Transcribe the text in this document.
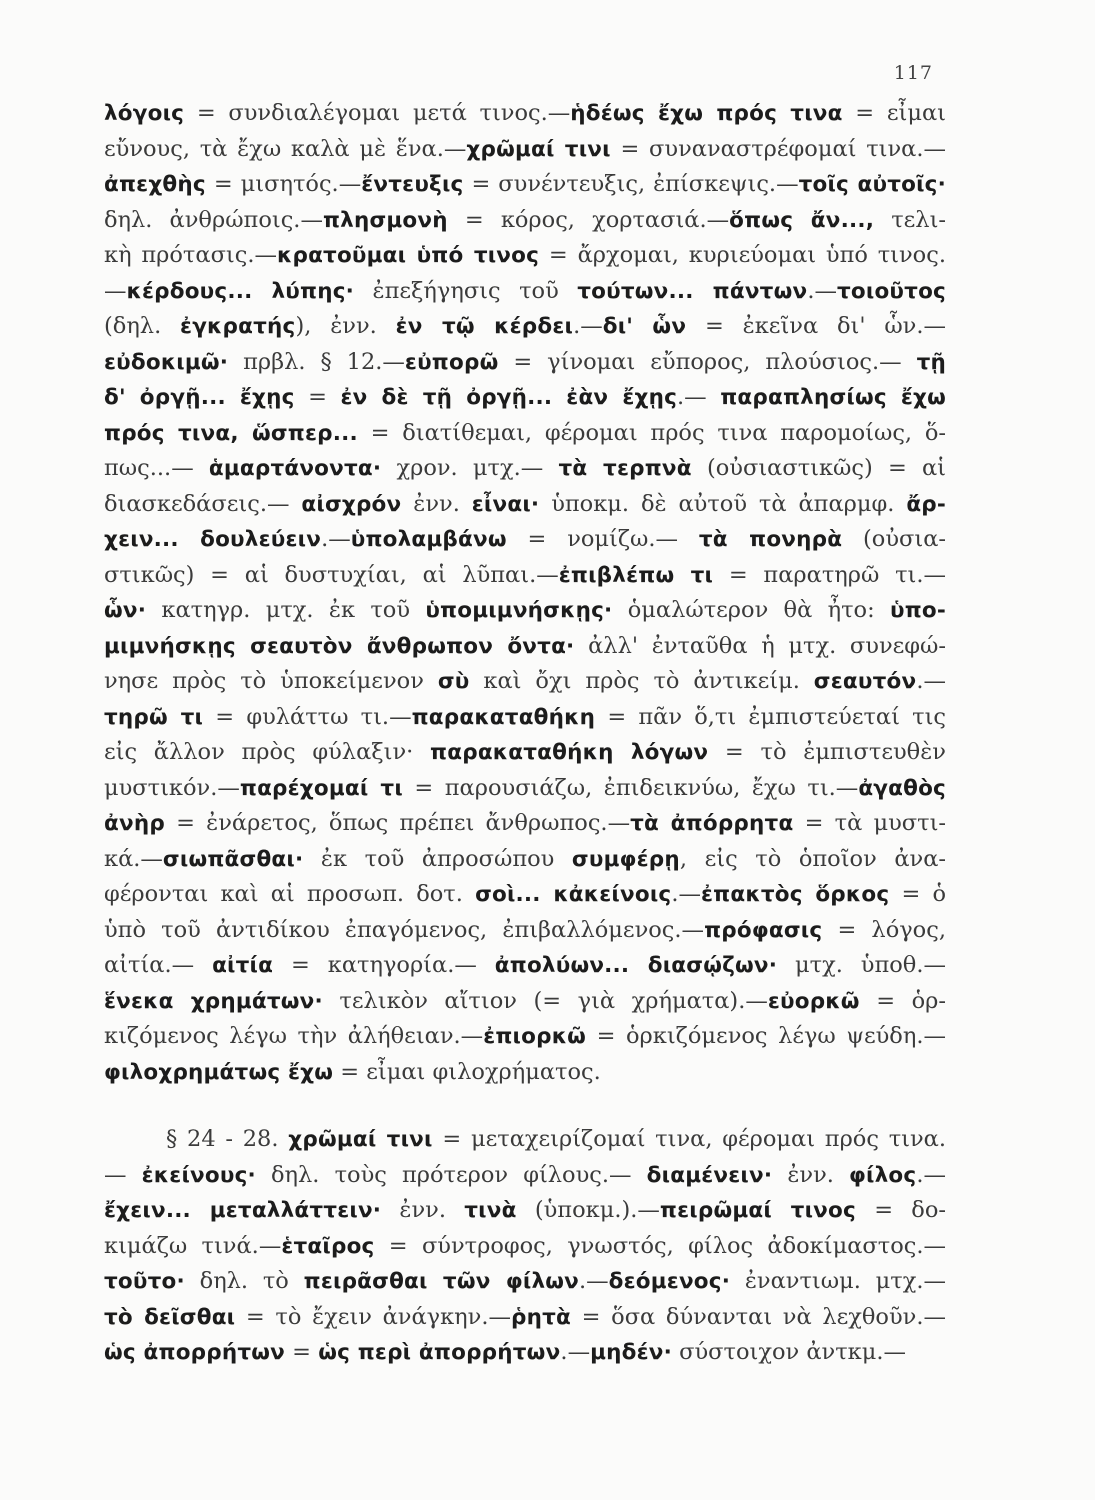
117
λόγοις = συνδιαλέγομαι μετά τινος.—ἡδέως ἔχω πρός τινα = εἶμαι
εὔνους, τὰ ἔχω καλὰ μὲ ἕνα.—χρῶμαί τινι = συναναστρέφομαί τινα.—
ἀπεχθὴς = μισητός.—ἔντευξις = συνέντευξις, ἐπίσκεψις.—τοῖς αὐτοῖς·
δηλ. ἀνθρώποις.—πλησμονὴ = κόρος, χορτασιά.—ὅπως ἄν..., τελι-
κὴ πρότασις.—κρατοῦμαι ὑπό τινος = ἄρχομαι, κυριεύομαι ὑπό τινος.
—κέρδους... λύπης· ἐπεξήγησις τοῦ τούτων... πάντων.—τοιοῦτος
(δηλ. ἐγκρατής), ἐνν. ἐν τῷ κέρδει.—δι' ὧν = ἐκεῖνα δι' ὧν.—
εὐδοκιμῶ· πρβλ. § 12.—εὐπορῶ = γίνομαι εὔπορος, πλούσιος.— τῇ
δ' ὀργῇ... ἔχῃς = ἐν δὲ τῇ ὀργῇ... ἐὰν ἔχῃς.— παραπλησίως ἔχω
πρός τινα, ὥσπερ... = διατίθεμαι, φέρομαι πρός τινα παρομοίως, ὅ-
πως...— ἁμαρτάνοντα· χρον. μτχ.— τὰ τερπνὰ (οὐσιαστικῶς) = αἱ
διασκεδάσεις.— αἰσχρόν ἐνν. εἶναι· ὑποκμ. δὲ αὐτοῦ τὰ ἀπαρμφ. ἄρ-
χειν... δουλεύειν.—ὑπολαμβάνω = νομίζω.— τὰ πονηρὰ (οὐσια-
στικῶς) = αἱ δυστυχίαι, αἱ λῦπαι.—ἐπιβλέπω τι = παρατηρῶ τι.—
ὧν· κατηγρ. μτχ. ἐκ τοῦ ὑπομιμνήσκῃς· ὁμαλώτερον θὰ ἦτο: ὑπο-
μιμνήσκῃς σεαυτὸν ἄνθρωπον ὄντα· ἀλλ' ἐνταῦθα ἡ μτχ. συνεφώ-
νησε πρὸς τὸ ὑποκείμενον σὺ καὶ ὄχι πρὸς τὸ ἀντικείμ. σεαυτόν.—
τηρῶ τι = φυλάττω τι.—παρακαταθήκη = πᾶν ὅ,τι ἐμπιστεύεταί τις
εἰς ἄλλον πρὸς φύλαξιν· παρακαταθήκη λόγων = τὸ ἐμπιστευθὲν
μυστικόν.—παρέχομαί τι = παρουσιάζω, ἐπιδεικνύω, ἔχω τι.—ἀγαθὸς
ἀνὴρ = ἐνάρετος, ὅπως πρέπει ἄνθρωπος.—τὰ ἀπόρρητα = τὰ μυστι-
κά.—σιωπᾶσθαι· ἐκ τοῦ ἀπροσώπου συμφέρῃ, εἰς τὸ ὁποῖον ἀνα-
φέρονται καὶ αἱ προσωπ. δοτ. σοὶ... κἀκείνοις.—ἐπακτὸς ὅρκος = ὁ
ὑπὸ τοῦ ἀντιδίκου ἐπαγόμενος, ἐπιβαλλόμενος.—πρόφασις = λόγος,
αἰτία.— αἰτία = κατηγορία.— ἀπολύων... διασῴζων· μτχ. ὑποθ.—
ἕνεκα χρημάτων· τελικὸν αἴτιον (= γιὰ χρήματα).—εὐορκῶ = ὁρ-
κιζόμενος λέγω τὴν ἀλήθειαν.—ἐπιορκῶ = ὁρκιζόμενος λέγω ψεύδη.—
φιλοχρημάτως ἔχω = εἶμαι φιλοχρήματος.
§ 24 - 28. χρῶμαί τινι = μεταχειρίζομαί τινα, φέρομαι πρός τινα.
— ἐκείνους· δηλ. τοὺς πρότερον φίλους.— διαμένειν· ἐνν. φίλος.—
ἔχειν... μεταλλάττειν· ἐνν. τινὰ (ὑποκμ.).—πειρῶμαί τινος = δο-
κιμάζω τινά.—ἑταῖρος = σύντροφος, γνωστός, φίλος ἀδοκίμαστος.—
τοῦτο· δηλ. τὸ πειρᾶσθαι τῶν φίλων.—δεόμενος· ἐναντιωμ. μτχ.—
τὸ δεῖσθαι = τὸ ἔχειν ἀνάγκην.—ῥητὰ = ὅσα δύνανται νὰ λεχθοῦν.—
ὡς ἀπορρήτων = ὡς περὶ ἀπορρήτων.—μηδέν· σύστοιχον ἀντκμ.—
